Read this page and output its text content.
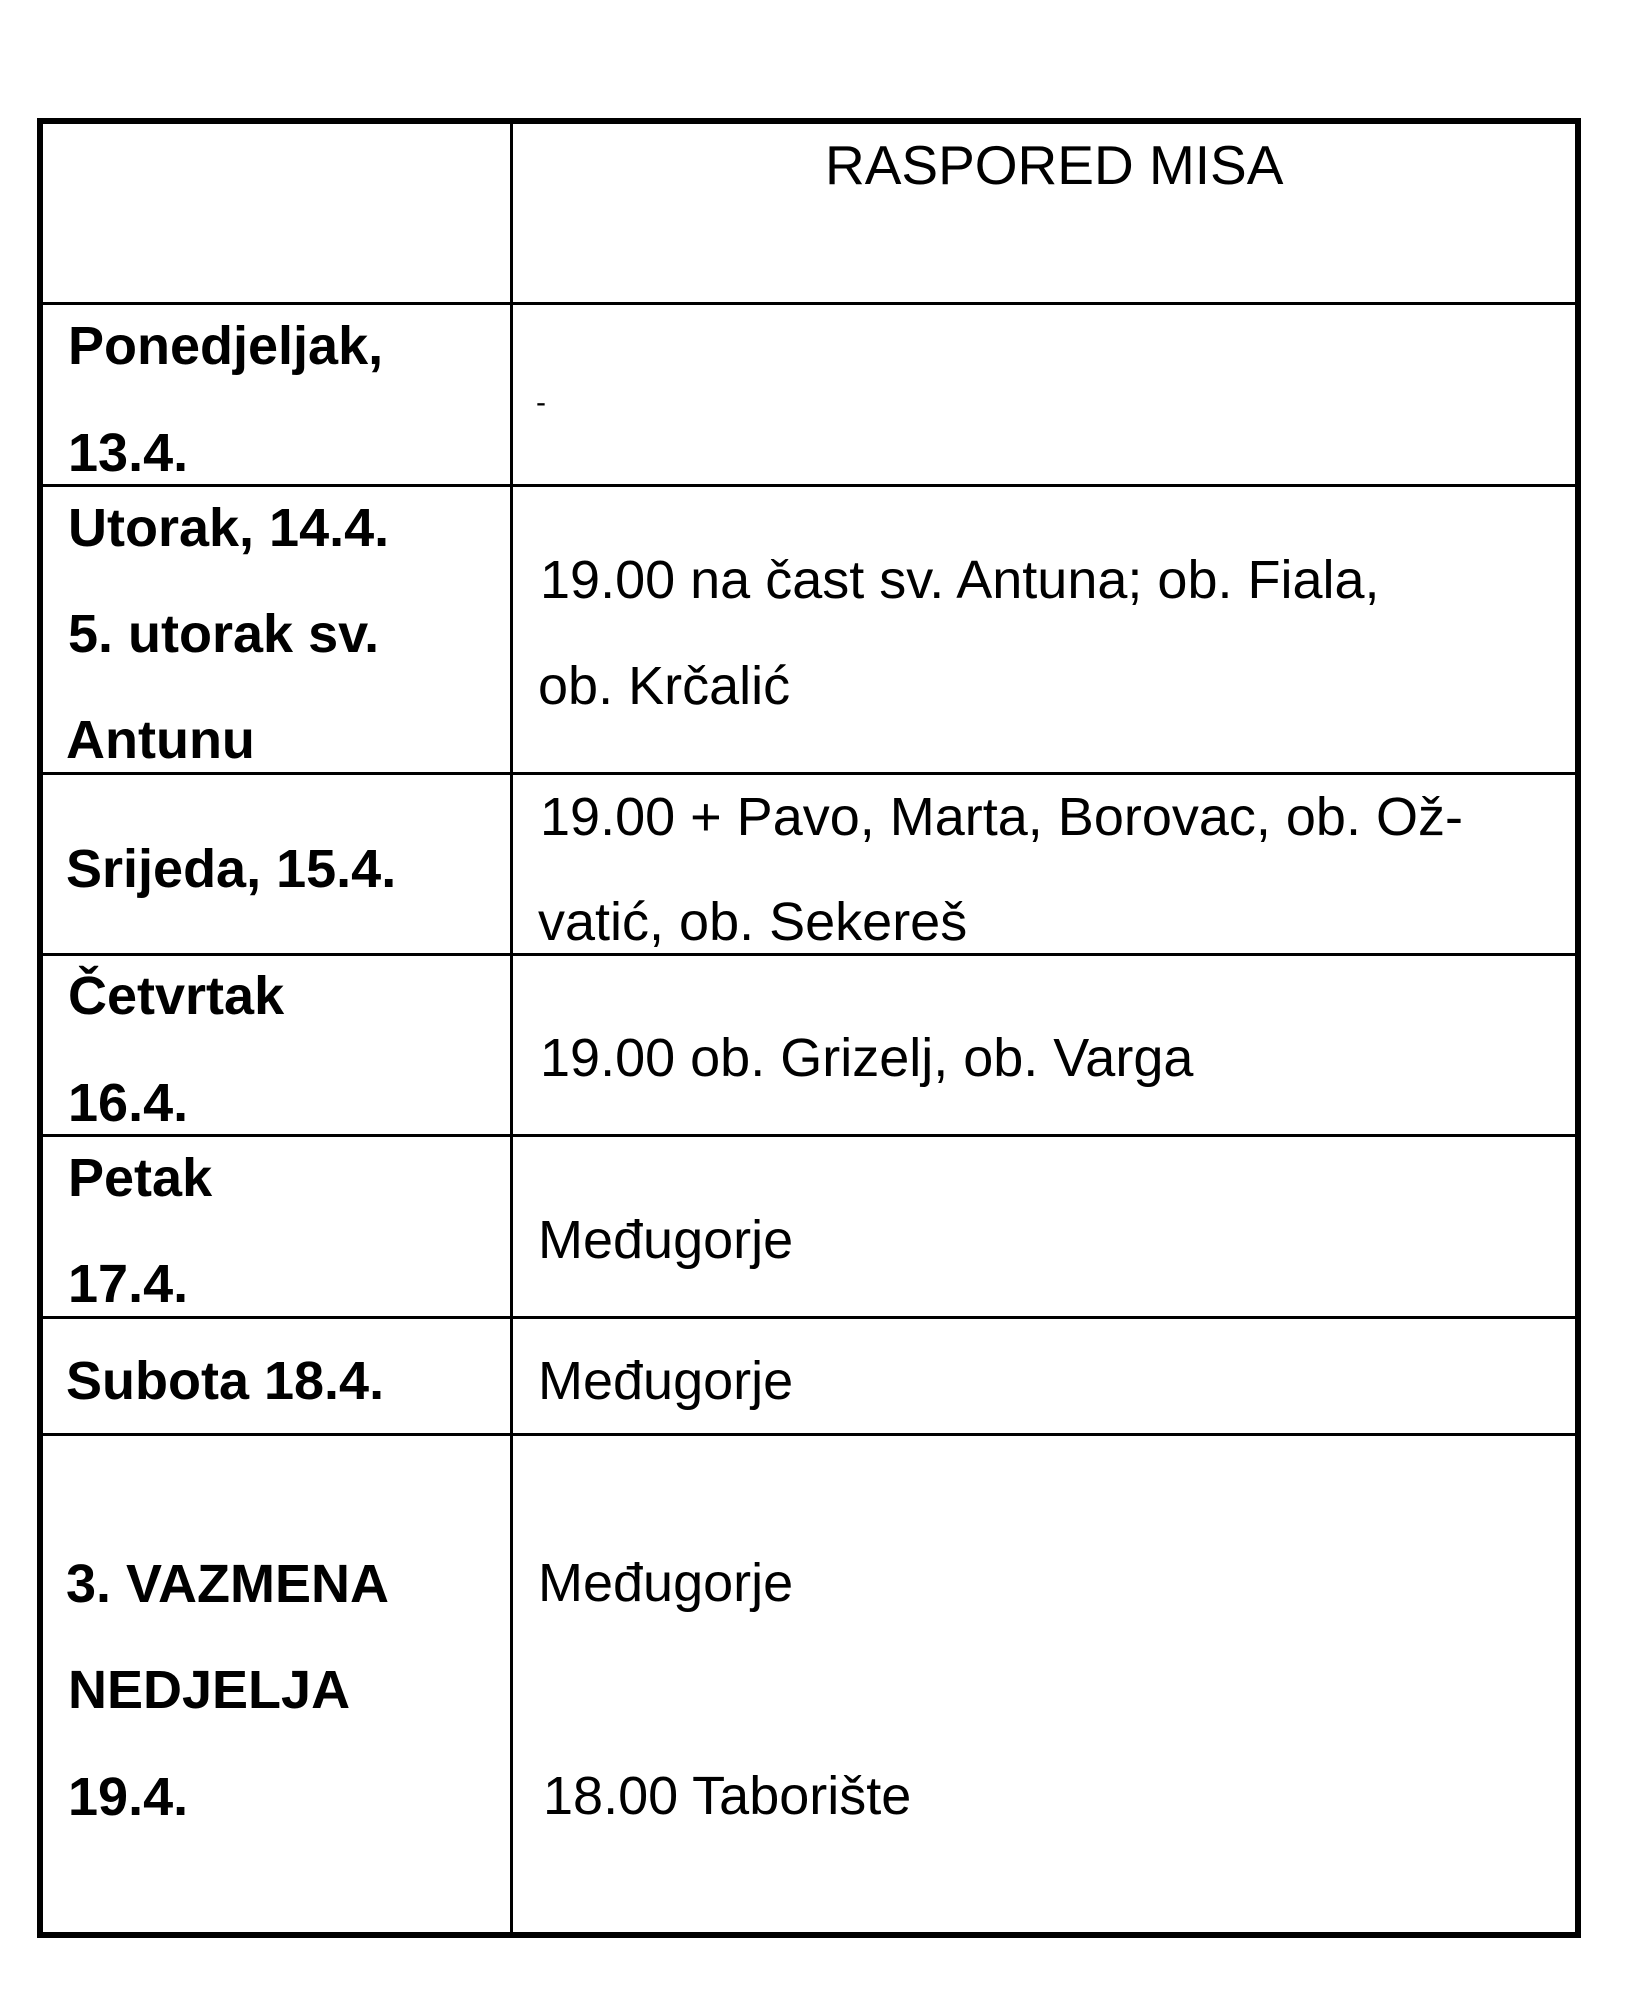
RASPORED MISA
Ponedjeljak,
13.4.
-
Utorak, 14.4.
5. utorak sv.
Antunu
19.00 na čast sv. Antuna; ob. Fiala,
ob. Krčalić
Srijeda, 15.4.
19.00 + Pavo, Marta, Borovac, ob. Ož-
vatić, ob. Sekereš
Četvrtak
16.4.
19.00 ob. Grizelj, ob. Varga
Petak
17.4.
Međugorje
Subota 18.4.	Međugorje
3. VAZMENA
NEDJELJA
19.4.
Međugorje
18.00 Taborište
